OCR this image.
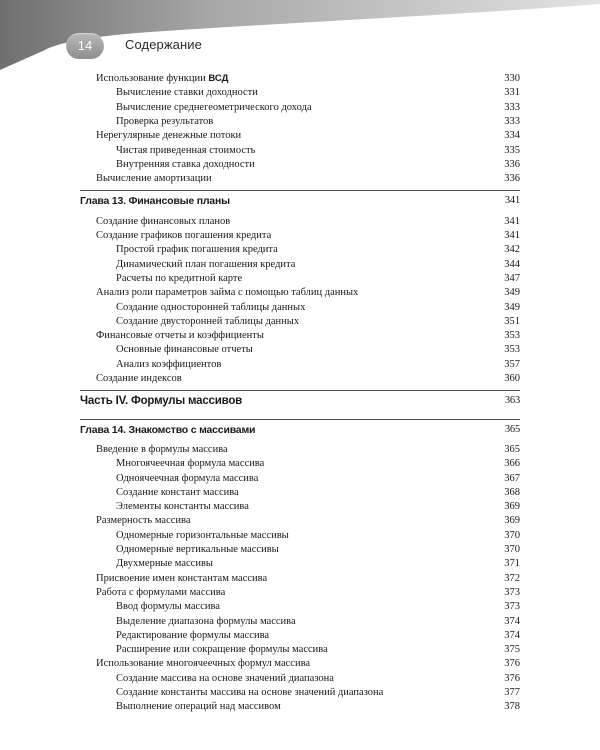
14	Содержание
Использование функции ВСД	330
Вычисление ставки доходности	331
Вычисление среднегеометрического дохода	333
Проверка результатов	333
Нерегулярные денежные потоки	334
Чистая приведенная стоимость	335
Внутренняя ставка доходности	336
Вычисление амортизации	336
Глава 13. Финансовые планы	341
Создание финансовых планов	341
Создание графиков погашения кредита	341
Простой график погашения кредита	342
Динамический план погашения кредита	344
Расчеты по кредитной карте	347
Анализ роли параметров займа с помощью таблиц данных	349
Создание односторонней таблицы данных	349
Создание двусторонней таблицы данных	351
Финансовые отчеты и коэффициенты	353
Основные финансовые отчеты	353
Анализ коэффициентов	357
Создание индексов	360
Часть IV. Формулы массивов	363
Глава 14. Знакомство с массивами	365
Введение в формулы массива	365
Многоячеечная формула массива	366
Одноячеечная формула массива	367
Создание констант массива	368
Элементы константы массива	369
Размерность массива	369
Одномерные горизонтальные массивы	370
Одномерные вертикальные массивы	370
Двухмерные массивы	371
Присвоение имен константам массива	372
Работа с формулами массива	373
Ввод формулы массива	373
Выделение диапазона формулы массива	374
Редактирование формулы массива	374
Расширение или сокращение формулы массива	375
Использование многоячеечных формул массива	376
Создание массива на основе значений диапазона	376
Создание константы массива на основе значений диапазона	377
Выполнение операций над массивом	378
